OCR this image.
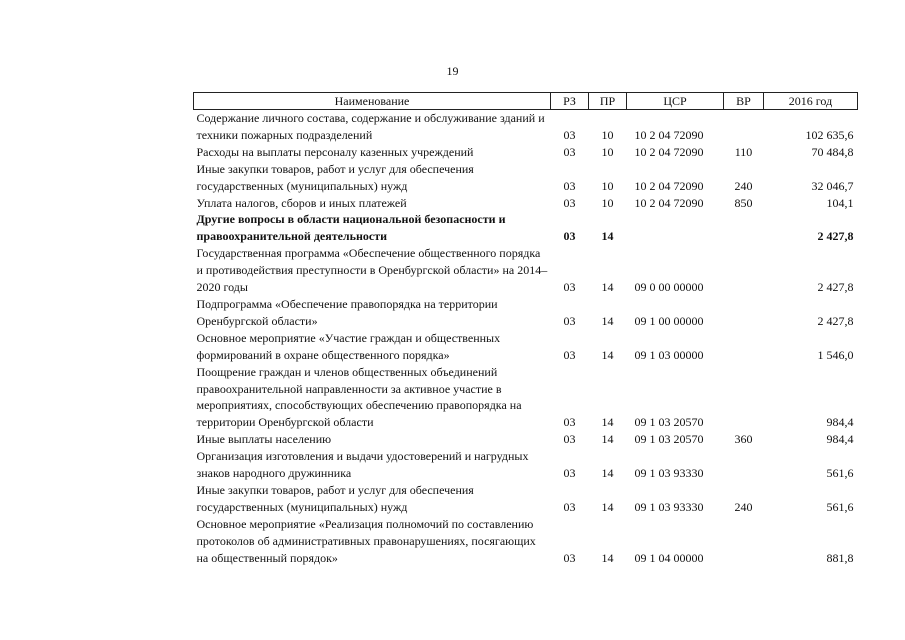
19
Наименование	РЗ	ПР	ЦСР	ВР	2016 год
Содержание личного состава, содержание и обслуживание зданий и техники пожарных подразделений	03	10	10 2 04 72090		102 635,6
Расходы на выплаты персоналу казенных учреждений	03	10	10 2 04 72090	110	70 484,8
Иные закупки товаров, работ и услуг для обеспечения государственных (муниципальных) нужд	03	10	10 2 04 72090	240	32 046,7
Уплата налогов, сборов и иных платежей	03	10	10 2 04 72090	850	104,1
Другие вопросы в области национальной безопасности и правоохранительной деятельности	03	14			2 427,8
Государственная программа «Обеспечение общественного порядка и противодействия преступности в Оренбургской области» на 2014–2020 годы	03	14	09 0 00 00000		2 427,8
Подпрограмма «Обеспечение правопорядка на территории Оренбургской области»	03	14	09 1 00 00000		2 427,8
Основное мероприятие «Участие граждан и общественных формирований в охране общественного порядка»	03	14	09 1 03 00000		1 546,0
Поощрение граждан и членов общественных объединений правоохранительной направленности за активное участие в мероприятиях, способствующих обеспечению правопорядка на территории Оренбургской области	03	14	09 1 03 20570		984,4
Иные выплаты населению	03	14	09 1 03 20570	360	984,4
Организация изготовления и выдачи удостоверений и нагрудных знаков народного дружинника	03	14	09 1 03 93330		561,6
Иные закупки товаров, работ и услуг для обеспечения государственных (муниципальных) нужд	03	14	09 1 03 93330	240	561,6
Основное мероприятие «Реализация полномочий по составлению протоколов об административных правонарушениях, посягающих на общественный порядок»	03	14	09 1 04 00000		881,8
